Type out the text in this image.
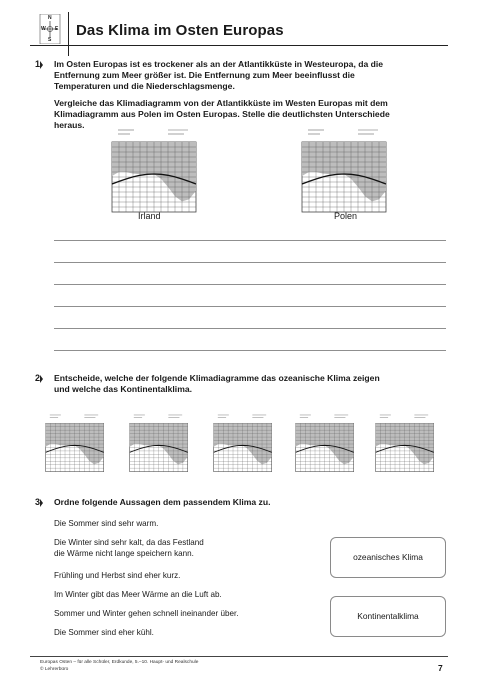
N
S
W E Das Klima im Osten Europas
1 Im Osten Europas ist es trockener als an der Atlantikküste in Westeuropa, da die
Entfernung zum Meer größer ist. Die Entfernung zum Meer beeinflusst die
Temperaturen und die Niederschlagsmenge.
Vergleiche das Klimadiagramm von der Atlantikküste im Westen Europas mit dem
Klimadiagramm aus Polen im Osten Europas. Stelle die deutlichsten Unterschiede
heraus.
Irland	Polen
2 Entscheide, welche der folgende Klimadiagramme das ozeanische Klima zeigen
und welche das Kontinentalklima.
3 Ordne folgende Aussagen dem passendem Klima zu.
Die Sommer sind sehr warm.
Die Winter sind sehr kalt, da das Festland
die Wärme nicht lange speichern kann.
Frühling und Herbst sind eher kurz.
Im Winter gibt das Meer Wärme an die Luft ab.
Sommer und Winter gehen schnell ineinander über.
Die Sommer sind eher kühl.
ozeanisches Klima
Kontinentalklima
Europas Osten – für alle Schüler, Erdkunde, 5.–10. Haupt- und Realschule
© Lehrerbüro	7
